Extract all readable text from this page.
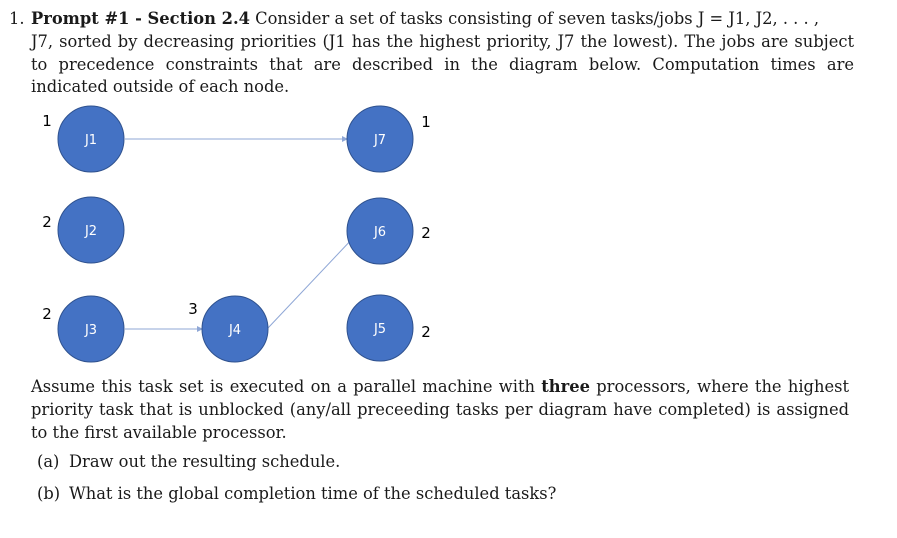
1. Prompt #1 - Section 2.4 Consider a set of tasks consisting of seven tasks/jobs J = J1, J2, . . . ,
J7, sorted by decreasing priorities (J1 has the highest priority, J7 the lowest). The jobs are subject to precedence constraints that are described in the diagram below. Computation times are indicated outside of each node.
J1
J2
J3	J4	J5
J6
J7
1
2
2	3
2
2
1

Assume this task set is executed on a parallel machine with three processors, where the highest priority task that is unblocked (any/all preceeding tasks per diagram have completed) is assigned to the first available processor.

(a) Draw out the resulting schedule.
(b) What is the global completion time of the scheduled tasks?
